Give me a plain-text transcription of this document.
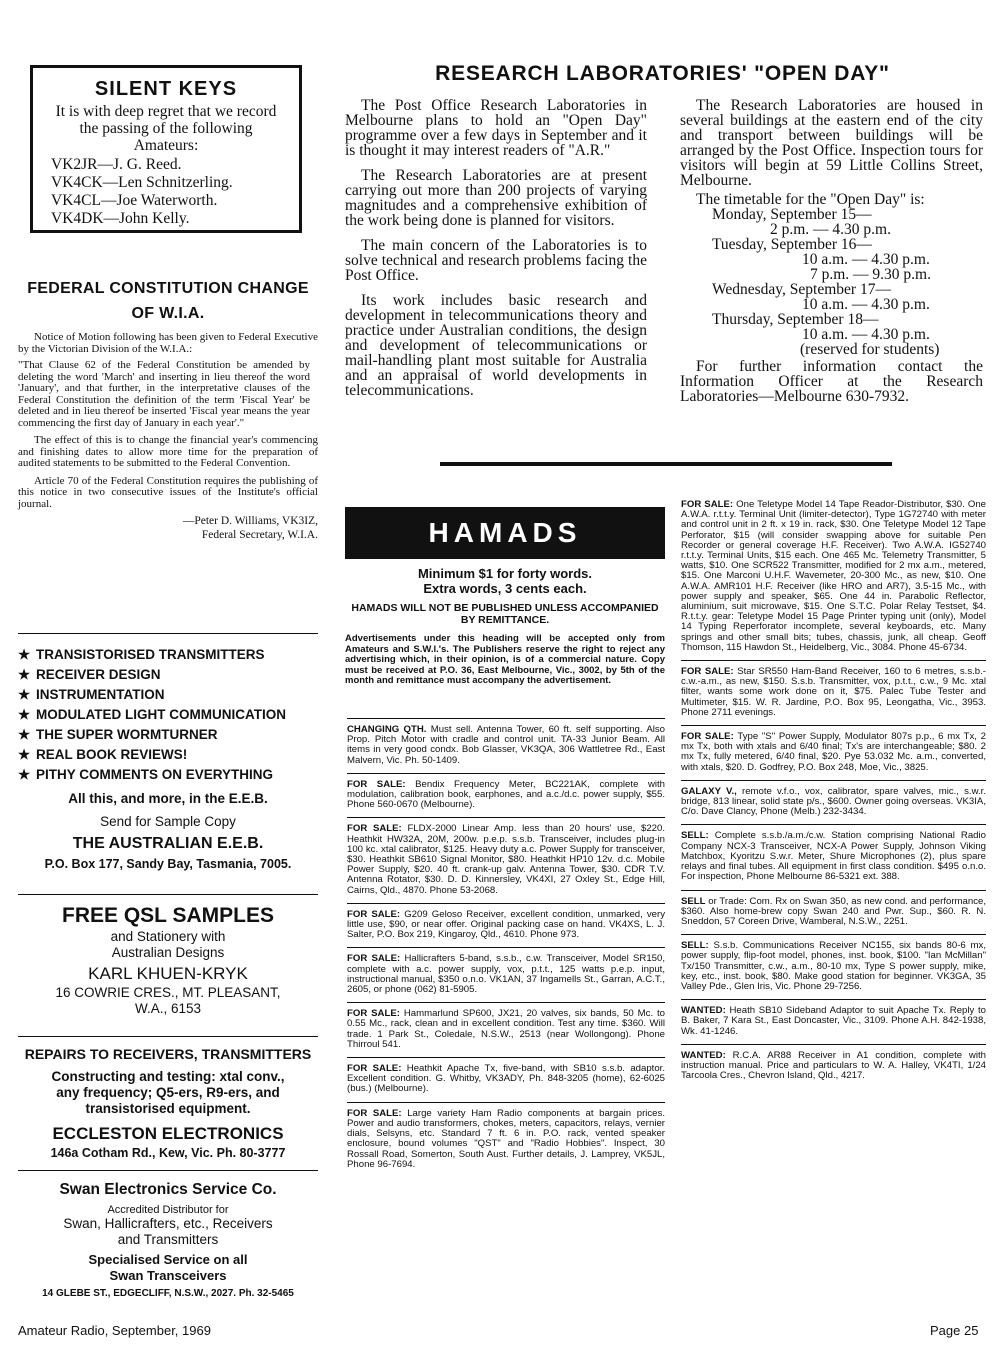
SILENT KEYS
It is with deep regret that we record the passing of the following Amateurs:
VK2JR—J. G. Reed.
VK4CK—Len Schnitzerling.
VK4CL—Joe Waterworth.
VK4DK—John Kelly.
FEDERAL CONSTITUTION CHANGE
OF W.I.A.

Notice of Motion following has been given to Federal Executive by the Victorian Division of the W.I.A.:

"That Clause 62 of the Federal Constitution be amended by deleting the word 'March' and inserting in lieu thereof the word 'January', and that further, in the interpretative clauses of the Federal Constitution the definition of the term 'Fiscal Year' be deleted and in lieu thereof be inserted 'Fiscal year means the year commencing the first day of January in each year'."

The effect of this is to change the financial year's commencing and finishing dates to allow more time for the preparation of audited statements to be submitted to the Federal Convention.

Article 70 of the Federal Constitution requires the publishing of this notice in two consecutive issues of the Institute's official journal.

—Peter D. Williams, VK3IZ,
Federal Secretary, W.I.A.
★ TRANSISTORISED TRANSMITTERS
★ RECEIVER DESIGN
★ INSTRUMENTATION
★ MODULATED LIGHT COMMUNICATION
★ THE SUPER WORMTURNER
★ REAL BOOK REVIEWS!
★ PITHY COMMENTS ON EVERYTHING
All this, and more, in the E.E.B.
Send for Sample Copy
THE AUSTRALIAN E.E.B.
P.O. Box 177, Sandy Bay, Tasmania, 7005.
FREE QSL SAMPLES
and Stationery with
Australian Designs
KARL KHUEN-KRYK
16 COWRIE CRES., MT. PLEASANT,
W.A., 6153
REPAIRS TO RECEIVERS, TRANSMITTERS
Constructing and testing: xtal conv.,
any frequency; Q5-ers, R9-ers, and
transistorised equipment.
ECCLESTON ELECTRONICS
146a Cotham Rd., Kew, Vic. Ph. 80-3777
Swan Electronics Service Co.
Accredited Distributor for
Swan, Hallicrafters, etc., Receivers
and Transmitters
Specialised Service on all
Swan Transceivers
14 GLEBE ST., EDGECLIFF, N.S.W., 2027. Ph. 32-5465
RESEARCH LABORATORIES' "OPEN DAY"

The Post Office Research Laboratories in Melbourne plans to hold an "Open Day" programme over a few days in September and it is thought it may interest readers of "A.R."

The Research Laboratories are at present carrying out more than 200 projects of varying magnitudes and a comprehensive exhibition of the work being done is planned for visitors.

The main concern of the Laboratories is to solve technical and research problems facing the Post Office.

Its work includes basic research and development in telecommunications theory and practice under Australian conditions, the design and development of telecommunications or mail-handling plant most suitable for Australia and an appraisal of world developments in telecommunications.

The Research Laboratories are housed in several buildings at the eastern end of the city and transport between buildings will be arranged by the Post Office. Inspection tours for visitors will begin at 59 Little Collins Street, Melbourne.

The timetable for the "Open Day" is:

Monday, September 15—
2 p.m. — 4.30 p.m.
Tuesday, September 16—
10 a.m. — 4.30 p.m.
7 p.m. — 9.30 p.m.
Wednesday, September 17—
10 a.m. — 4.30 p.m.
Thursday, September 18—
10 a.m. — 4.30 p.m.
(reserved for students)

For further information contact the Information Officer at the Research Laboratories—Melbourne 630-7932.

HAMADS
Minimum $1 for forty words.
Extra words, 3 cents each.
HAMADS WILL NOT BE PUBLISHED UNLESS ACCOMPANIED BY REMITTANCE.
Advertisements under this heading will be accepted only from Amateurs and S.W.l.'s. The Publishers reserve the right to reject any advertising which, in their opinion, is of a commercial nature. Copy must be received at P.O. 36, East Melbourne, Vic., 3002, by 5th of the month and remittance must accompany the advertisement.

CHANGING QTH. Must sell. Antenna Tower, 60 ft. self supporting. Also Prop. Pitch Motor with cradle and control unit. TA-33 Junior Beam. All items in very good condx. Bob Glasser, VK3QA, 306 Wattletree Rd., East Malvern, Vic. Ph. 50-1409.

FOR SALE: Bendix Frequency Meter, BC221AK, complete with modulation, calibration book, earphones, and a.c./d.c. power supply, $55. Phone 560-0670 (Melbourne).

FOR SALE: FLDX-2000 Linear Amp. less than 20 hours' use, $220. Heathkit HW32A, 20M, 200w. p.e.p. s.s.b. Transceiver, includes plug-in 100 kc. xtal calibrator, $125. Heavy duty a.c. Power Supply for transceiver, $30. Heathkit SB610 Signal Monitor, $80. Heathkit HP10 12v. d.c. Mobile Power Supply, $20. 40 ft. crank-up galv. Antenna Tower, $30. CDR T.V. Antenna Rotator, $30. D. D. Kinnersley, VK4XI, 27 Oxley St., Edge Hill, Cairns, Qld., 4870. Phone 53-2068.

FOR SALE: G209 Geloso Receiver, excellent condition, unmarked, very little use, $90, or near offer. Original packing case on hand. VK4XS, L. J. Salter, P.O. Box 219, Kingaroy, Qld., 4610. Phone 973.

FOR SALE: Hallicrafters 5-band, s.s.b., c.w. Transceiver, Model SR150, complete with a.c. power supply, vox, p.t.t., 125 watts p.e.p. input, instructional manual, $350 o.n.o. VK1AN, 37 Ingamells St., Garran, A.C.T., 2605, or phone (062) 81-5905.

FOR SALE: Hammarlund SP600, JX21, 20 valves, six bands, 50 Mc. to 0.55 Mc., rack, clean and in excellent condition. Test any time. $360. Will trade. 1 Park St., Coledale, N.S.W., 2513 (near Wollongong). Phone Thirroul 541.

FOR SALE: Heathkit Apache Tx, five-band, with SB10 s.s.b. adaptor. Excellent condition. G. Whitby, VK3ADY, Ph. 848-3205 (home), 62-6025 (bus.) (Melbourne).

FOR SALE: Large variety Ham Radio components at bargain prices. Power and audio transformers, chokes, meters, capacitors, relays, vernier dials, Selsyns, etc. Standard 7 ft. 6 in. P.O. rack, vented speaker enclosure, bound volumes "QST" and "Radio Hobbies". Inspect, 30 Rossall Road, Somerton, South Aust. Further details, J. Lamprey, VK5JL, Phone 96-7694.

FOR SALE: One Teletype Model 14 Tape Reador-Distributor, $30. One A.W.A. r.t.t.y. Terminal Unit (limiter-detector), Type 1G72740 with meter and control unit in 2 ft. x 19 in. rack, $30. One Teletype Model 12 Tape Perforator, $15 (will consider swapping above for suitable Pen Recorder or general coverage H.F. Receiver). Two A.W.A. IG52740 r.t.t.y. Terminal Units, $15 each. One 465 Mc. Telemetry Transmitter, 5 watts, $10. One SCR522 Transmitter, modified for 2 mx a.m., metered, $15. One Marconi U.H.F. Wavemeter, 20-300 Mc., as new, $10. One A.W.A. AMR101 H.F. Receiver (like HRO and AR7), 3.5-15 Mc., with power supply and speaker, $65. One 44 in. Parabolic Reflector, aluminium, suit microwave, $15. One S.T.C. Polar Relay Testset, $4. R.t.t.y. gear: Teletype Model 15 Page Printer typing unit (only), Model 14 Typing Reperforator incomplete, several keyboards, etc. Many springs and other small bits; tubes, chassis, junk, all cheap. Geoff Thomson, 115 Hawdon St., Heidelberg, Vic., 3084. Phone 45-6734.

FOR SALE: Star SR550 Ham-Band Receiver, 160 to 6 metres, s.s.b.-c.w.-a.m., as new, $150. S.s.b. Transmitter, vox, p.t.t., c.w., 9 Mc. xtal filter, wants some work done on it, $75. Palec Tube Tester and Multimeter, $15. W. R. Jardine, P.O. Box 95, Leongatha, Vic., 3953. Phone 2711 evenings.

FOR SALE: Type "S" Power Supply, Modulator 807s p.p., 6 mx Tx, 2 mx Tx, both with xtals and 6/40 final; Tx's are interchangeable; $80. 2 mx Tx, fully metered, 6/40 final, $20. Pye 53.032 Mc. a.m., converted, with xtals, $20. D. Godfrey, P.O. Box 248, Moe, Vic., 3825.

GALAXY V., remote v.f.o., vox, calibrator, spare valves, mic., s.w.r. bridge, 813 linear, solid state p/s., $600. Owner going overseas. VK3IA, C/o. Dave Clancy, Phone (Melb.) 232-3434.

SELL: Complete s.s.b./a.m./c.w. Station comprising National Radio Company NCX-3 Transceiver, NCX-A Power Supply, Johnson Viking Matchbox, Kyoritzu S.w.r. Meter, Shure Microphones (2), plus spare relays and final tubes. All equipment in first class condition. $495 o.n.o. For inspection, Phone Melbourne 86-5321 ext. 388.

SELL or Trade: Com. Rx on Swan 350, as new cond. and performance, $360. Also home-brew copy Swan 240 and Pwr. Sup., $60. R. N. Sneddon, 57 Coreen Drive, Wamberal, N.S.W., 2251.

SELL: S.s.b. Communications Receiver NC155, six bands 80-6 mx, power supply, flip-foot model, phones, inst. book, $100. "Ian McMillan" Tx/150 Transmitter, c.w., a.m., 80-10 mx, Type S power supply, mike, key, etc., inst. book, $80. Make good station for beginner. VK3GA, 35 Valley Pde., Glen Iris, Vic. Phone 29-7256.

WANTED: Heath SB10 Sideband Adaptor to suit Apache Tx. Reply to B. Baker, 7 Kara St., East Doncaster, Vic., 3109. Phone A.H. 842-1938, Wk. 41-1246.

WANTED: R.C.A. AR88 Receiver in A1 condition, complete with instruction manual. Price and particulars to W. A. Halley, VK4TI, 1/24 Tarcoola Cres., Chevron Island, Qld., 4217.

Amateur Radio, September, 1969	Page 25
